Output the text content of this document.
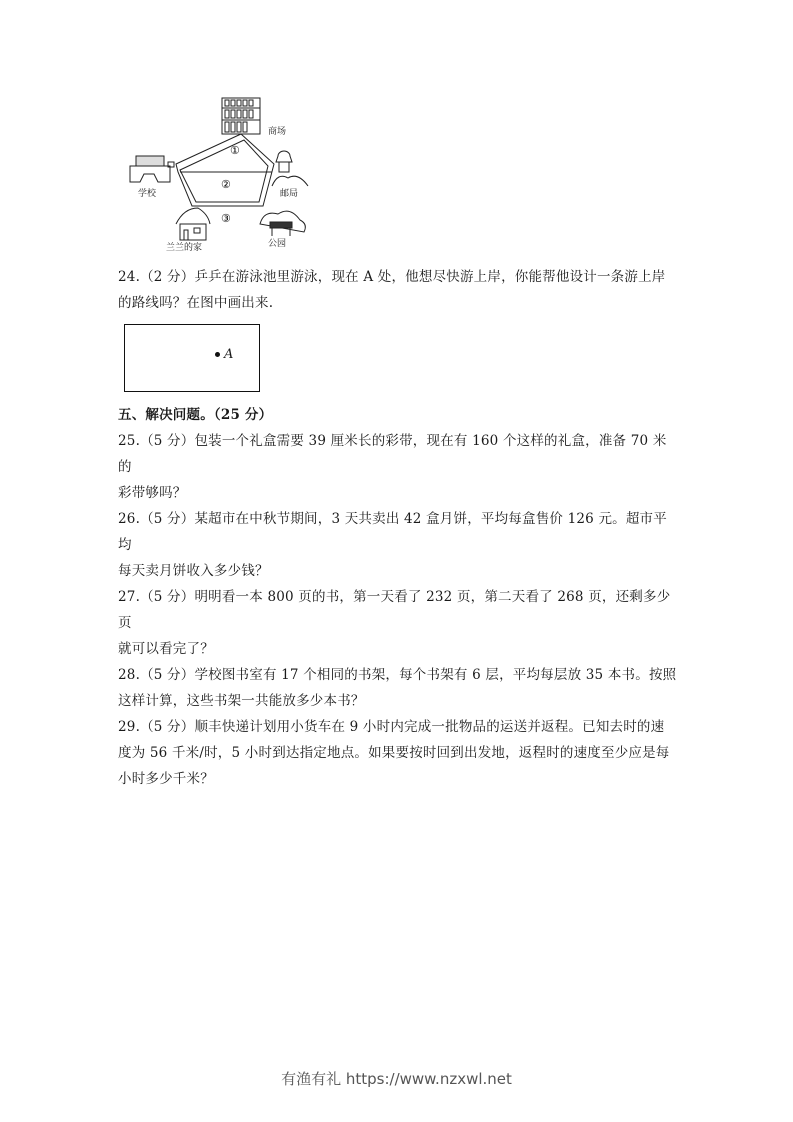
①
②
③
商场
学校	邮局
兰兰的家	公园
24.（2 分）乒乒在游泳池里游泳，现在 A 处，他想尽快游上岸，你能帮他设计一条游上岸
的路线吗？在图中画出来.
A
五、解决问题。（25 分）
25.（5 分）包装一个礼盒需要 39 厘米长的彩带，现在有 160 个这样的礼盒，准备 70 米的
彩带够吗？
26.（5 分）某超市在中秋节期间，3 天共卖出 42 盒月饼，平均每盒售价 126 元。超市平均
每天卖月饼收入多少钱？
27.（5 分）明明看一本 800 页的书，第一天看了 232 页，第二天看了 268 页，还剩多少页
就可以看完了？
28.（5 分）学校图书室有 17 个相同的书架，每个书架有 6 层，平均每层放 35 本书。按照
这样计算，这些书架一共能放多少本书？
29.（5 分）顺丰快递计划用小货车在 9 小时内完成一批物品的运送并返程。已知去时的速
度为 56 千米/时，5 小时到达指定地点。如果要按时回到出发地，返程时的速度至少应是每
小时多少千米？
有渔有礼 https://www.nzxwl.net
